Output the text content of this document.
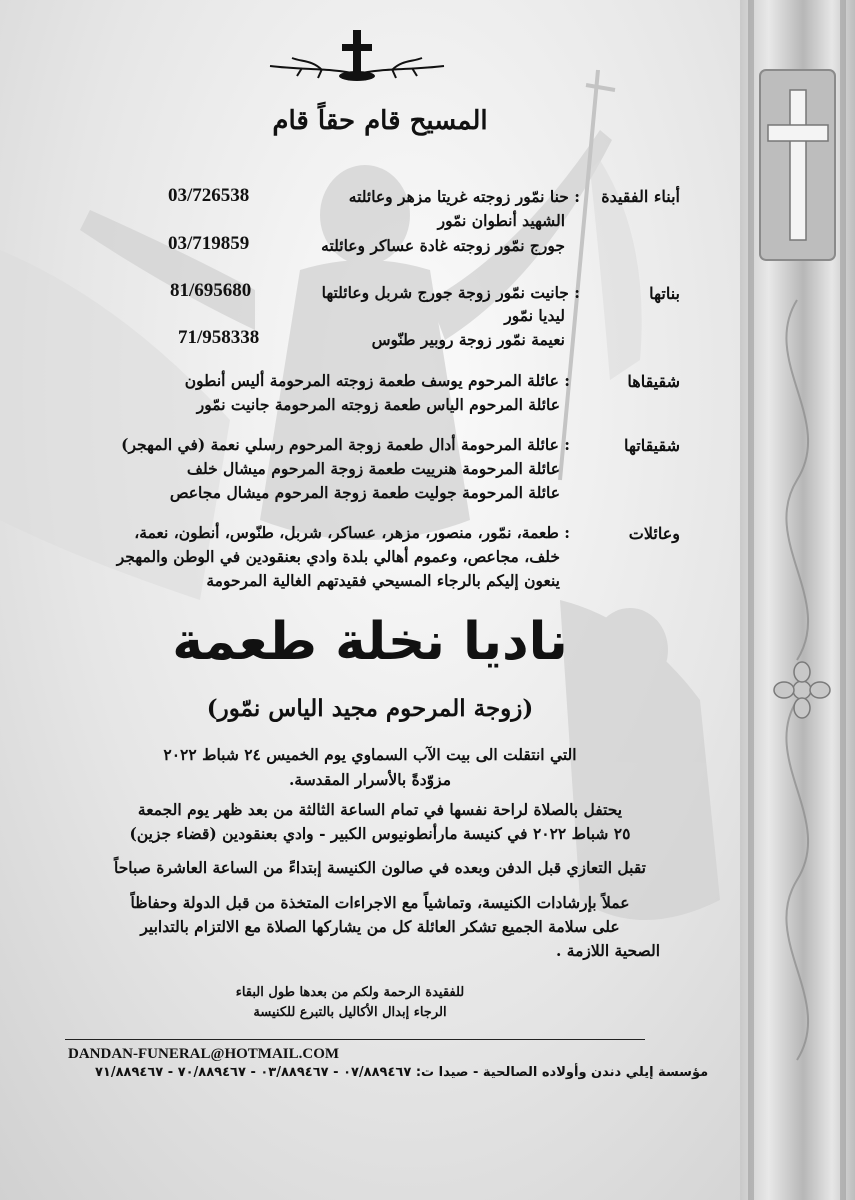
المسيح قام حقاً قام
أبناء الفقيدة
: حنا نمّور زوجته غريتا مزهر وعائلته
03/726538
الشهيد أنطوان نمّور
جورج نمّور زوجته غادة عساكر وعائلته
03/719859
بناتها
: جانيت نمّور زوجة جورج شربل وعائلتها
81/695680
ليديا نمّور
نعيمة نمّور زوجة روبير طنّوس
71/958338
شقيقاها
: عائلة المرحوم يوسف طعمة زوجته المرحومة أليس أنطون
عائلة المرحوم الياس طعمة زوجته المرحومة جانيت نمّور
شقيقاتها
: عائلة المرحومة أدال طعمة زوجة المرحوم رسلي نعمة (في المهجر)
عائلة المرحومة هنرييت طعمة زوجة المرحوم ميشال خلف
عائلة المرحومة جوليت طعمة زوجة المرحوم ميشال مجاعص
وعائلات
: طعمة، نمّور، منصور، مزهر، عساكر، شربل، طنّوس، أنطون، نعمة،
خلف، مجاعص، وعموم أهالي بلدة وادي بعنقودين في الوطن والمهجر
ينعون إليكم بالرجاء المسيحي فقيدتهم الغالية المرحومة
ناديا نخلة طعمة
(زوجة المرحوم مجيد الياس نمّور)
التي انتقلت الى بيت الآب السماوي يوم الخميس ٢٤ شباط ٢٠٢٢
مزوّدةً بالأسرار المقدسة.
يحتفل بالصلاة لراحة نفسها في تمام الساعة الثالثة من بعد ظهر يوم الجمعة
٢٥ شباط ٢٠٢٢ في كنيسة مارأنطونيوس الكبير - وادي بعنقودين (قضاء جزين)
تقبل التعازي قبل الدفن وبعده في صالون الكنيسة إبتداءً من الساعة العاشرة صباحاً
عملاً بإرشادات الكنيسة، وتماشياً مع الاجراءات المتخذة من قبل الدولة وحفاظاً
على سلامة الجميع تشكر العائلة كل من يشاركها الصلاة مع الالتزام بالتدابير
الصحية اللازمة .
للفقيدة الرحمة ولكم من بعدها طول البقاء
الرجاء إبدال الأكاليل بالتبرع للكنيسة
DANDAN-FUNERAL@HOTMAIL.COM
مؤسسة إيلي دندن وأولاده الصالحية - صيدا ت: ٠٧/٨٨٩٤٦٧ - ٠٣/٨٨٩٤٦٧ - ٧٠/٨٨٩٤٦٧ - ٧١/٨٨٩٤٦٧
